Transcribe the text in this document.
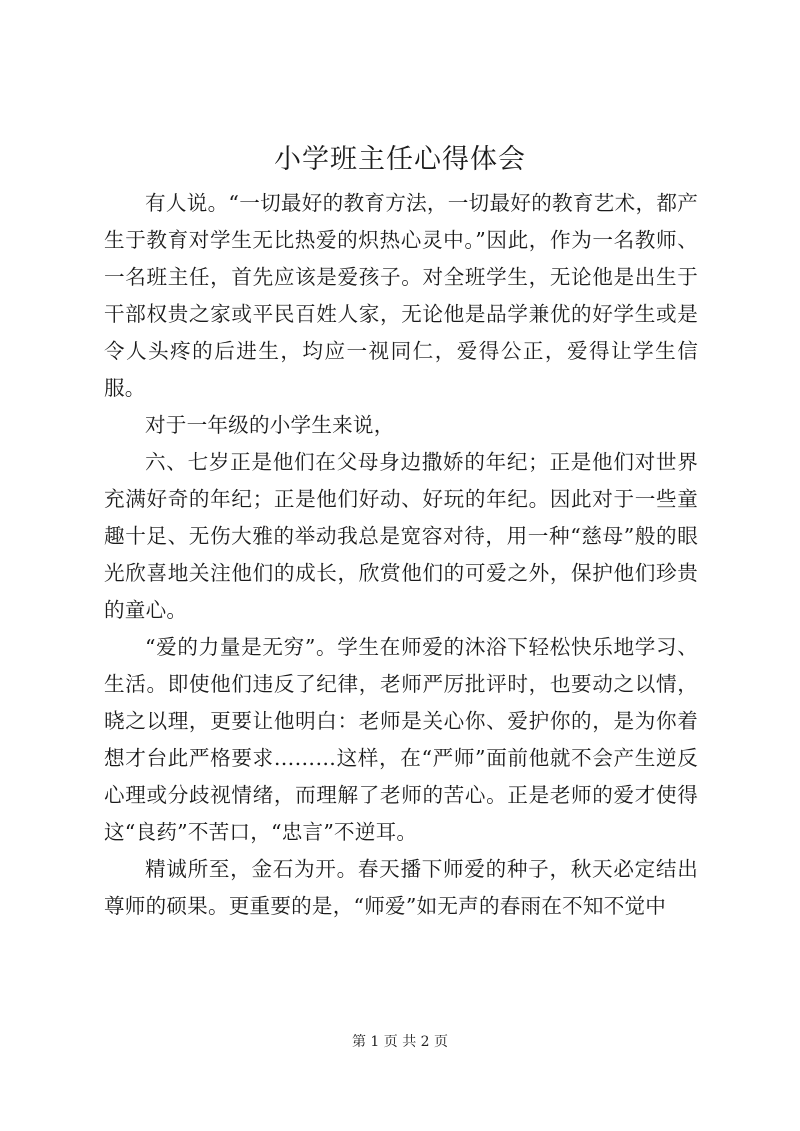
小学班主任心得体会

有人说。“一切最好的教育方法，一切最好的教育艺术，都产生于教育对学生无比热爱的炽热心灵中。”因此，作为一名教师、一名班主任，首先应该是爱孩子。对全班学生，无论他是出生于干部权贵之家或平民百姓人家，无论他是品学兼优的好学生或是令人头疼的后进生，均应一视同仁，爱得公正，爱得让学生信服。

对于一年级的小学生来说，

六、七岁正是他们在父母身边撒娇的年纪；正是他们对世界充满好奇的年纪；正是他们好动、好玩的年纪。因此对于一些童趣十足、无伤大雅的举动我总是宽容对待，用一种“慈母”般的眼光欣喜地关注他们的成长，欣赏他们的可爱之外，保护他们珍贵的童心。

“爱的力量是无穷”。学生在师爱的沐浴下轻松快乐地学习、生活。即使他们违反了纪律，老师严厉批评时，也要动之以情，晓之以理，更要让他明白：老师是关心你、爱护你的，是为你着想才台此严格要求………这样，在“严师”面前他就不会产生逆反心理或分歧视情绪，而理解了老师的苦心。正是老师的爱才使得这“良药”不苦口，“忠言”不逆耳。

精诚所至，金石为开。春天播下师爱的种子，秋天必定结出尊师的硕果。更重要的是，“师爱”如无声的春雨在不知不觉中

第 1 页 共 2 页
